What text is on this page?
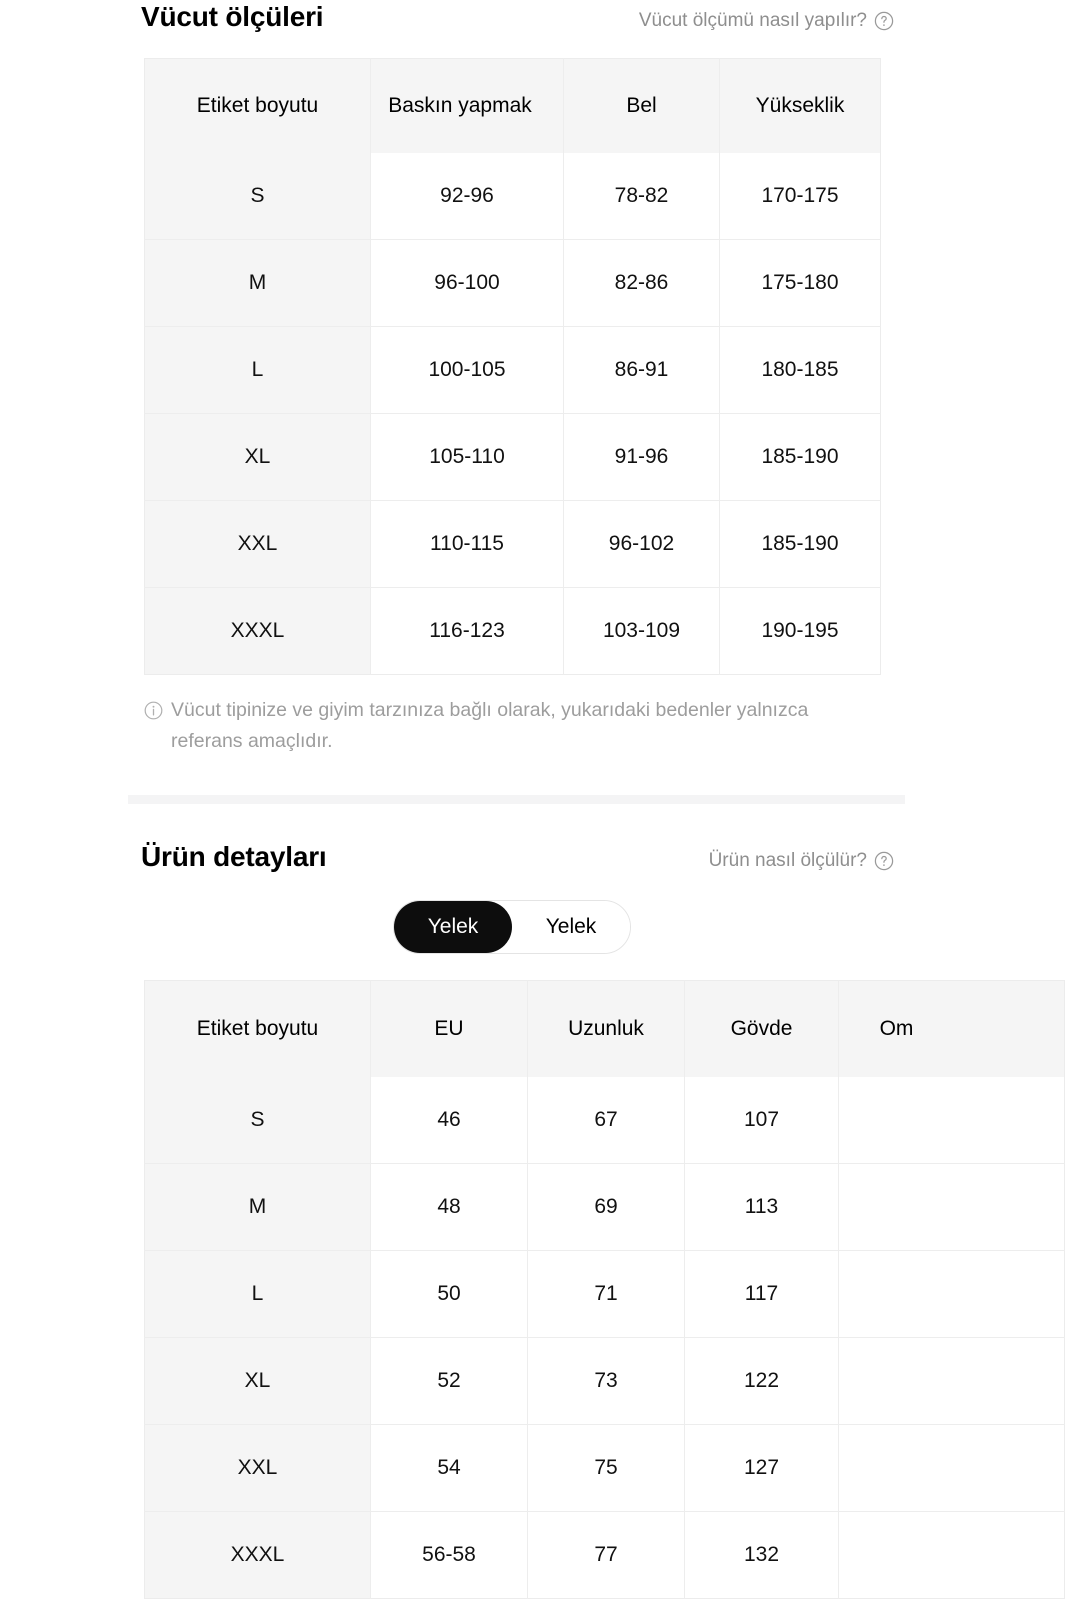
Vücut ölçüleri	Vücut ölçümü nasıl yapılır?
Etiket boyutu	Baskın yapmak	Bel	Yükseklik
S	92-96	78-82	170-175
M	96-100	82-86	175-180
L	100-105	86-91	180-185
XL	105-110	91-96	185-190
XXL	110-115	96-102	185-190
XXXL	116-123	103-109	190-195
Vücut tipinize ve giyim tarzınıza bağlı olarak, yukarıdaki bedenler yalnızca referans amaçlıdır.
Ürün detayları	Ürün nasıl ölçülür?
Yelek	Yelek
Etiket boyutu	EU	Uzunluk	Gövde	Om
S	46	67	107	
M	48	69	113	
L	50	71	117	
XL	52	73	122	
XXL	54	75	127	
XXXL	56-58	77	132	
